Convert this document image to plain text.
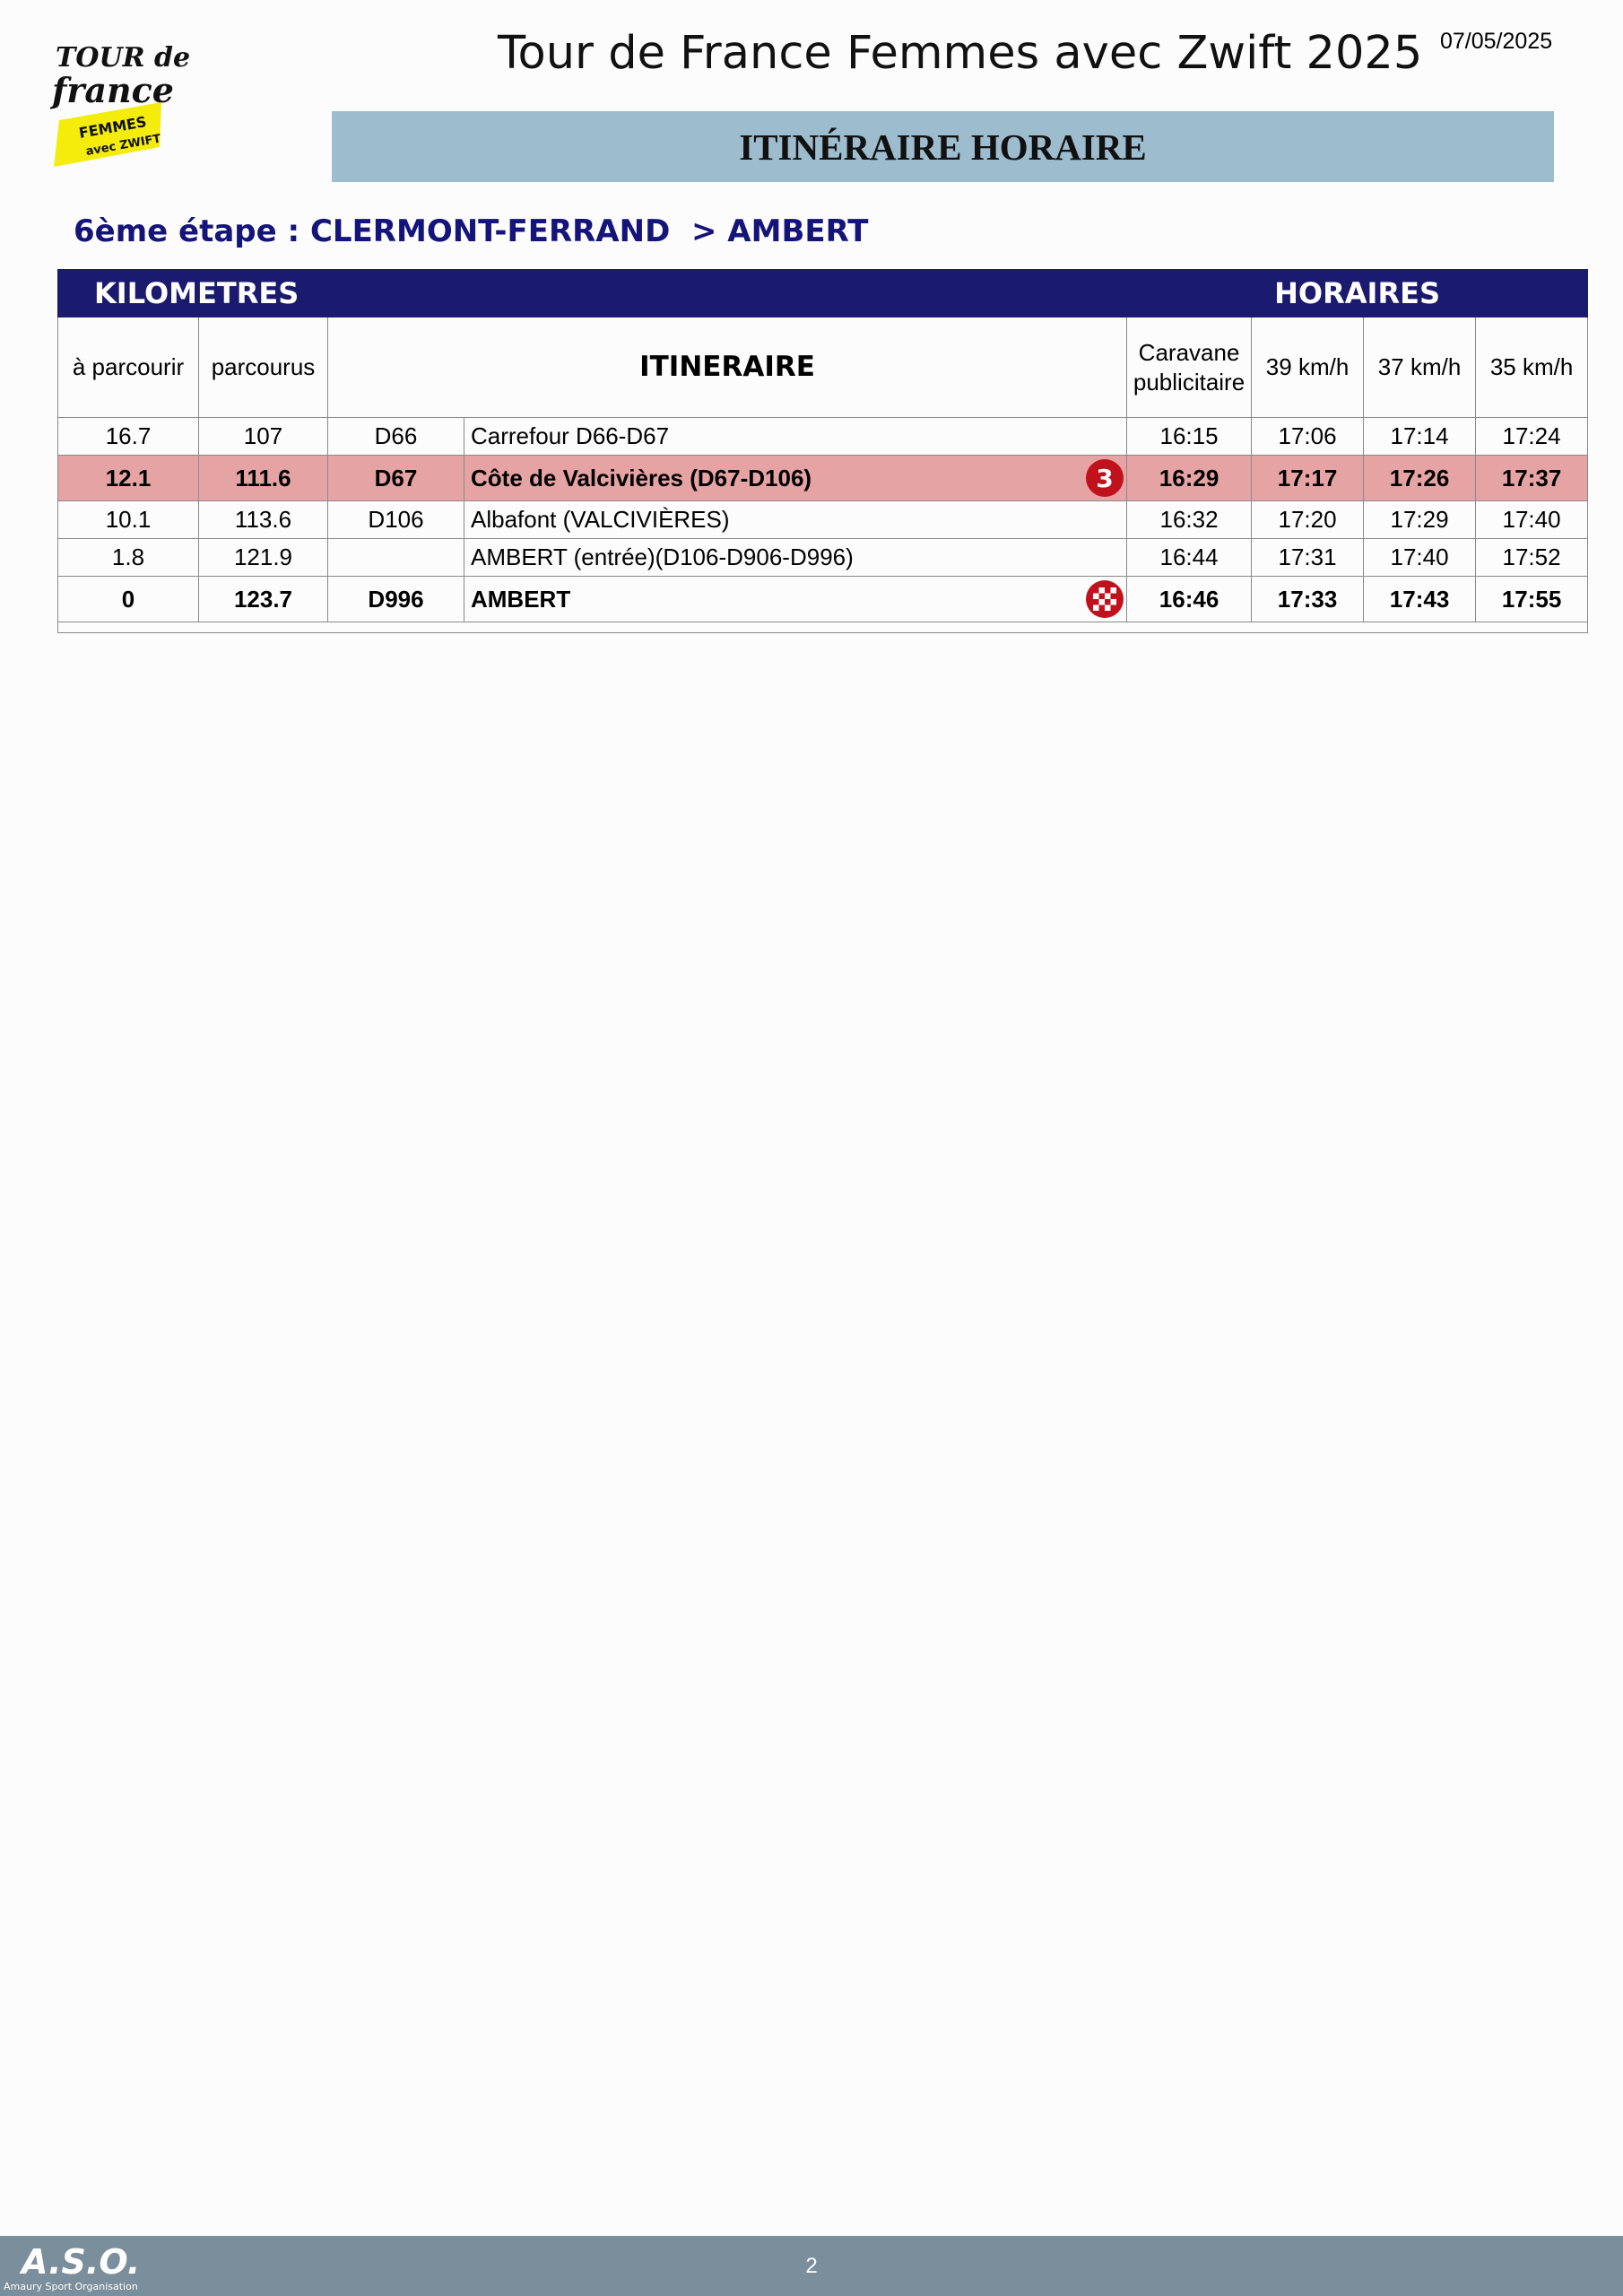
TOUR de
france
FEMMES
avec ZWIFT
Tour de France Femmes avec Zwift 2025 07/05/2025
ITINÉRAIRE HORAIRE
6ème étape : CLERMONT-FERRAND  > AMBERT
KILOMETRES				HORAIRES			
à parcourir	parcourus	ITINERAIRE		Caravane publicitaire	39 km/h	37 km/h	35 km/h
16.7	107	D66	Carrefour D66-D67	16:15	17:06	17:14	17:24
12.1	111.6	D67	Côte de Valcivières (D67-D106) 3	16:29	17:17	17:26	17:37
10.1	113.6	D106	Albafont (VALCIVIÈRES)	16:32	17:20	17:29	17:40
1.8	121.9		AMBERT (entrée)(D106-D906-D996)	16:44	17:31	17:40	17:52
0	123.7	D996	AMBERT	16:46	17:33	17:43	17:55

A.S.O.
Amaury Sport Organisation
2
